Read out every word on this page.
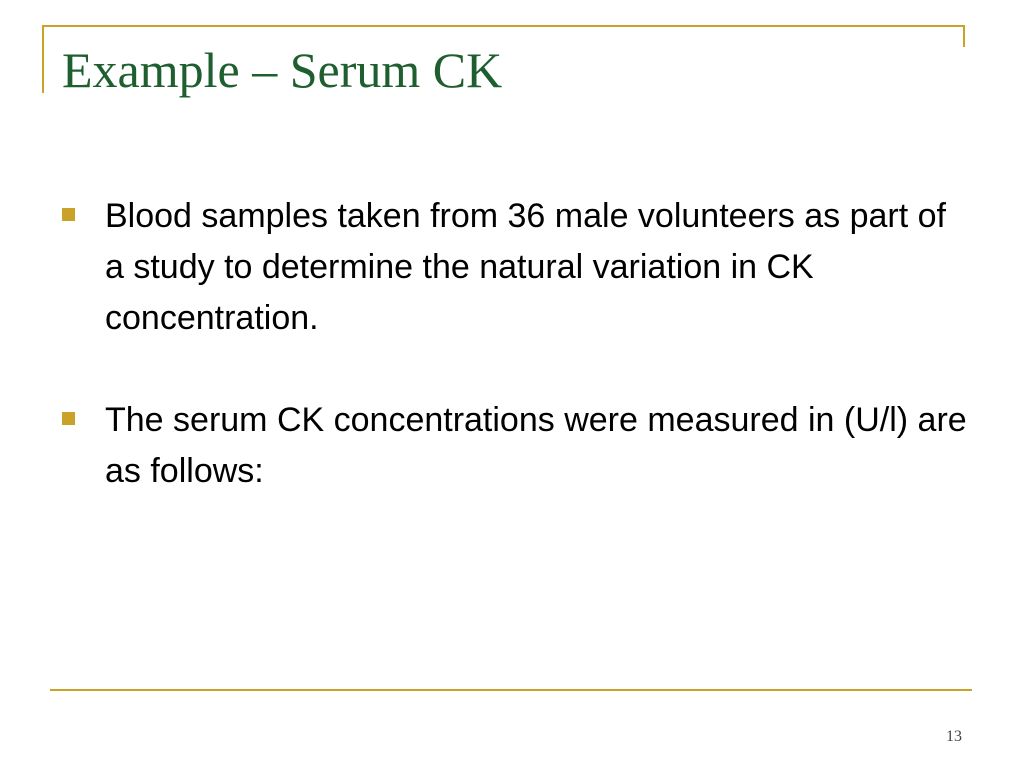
Example – Serum CK
Blood samples taken from 36 male volunteers as part of a study to determine the natural variation in CK concentration.
The serum CK concentrations were measured in (U/l) are as follows:
13
